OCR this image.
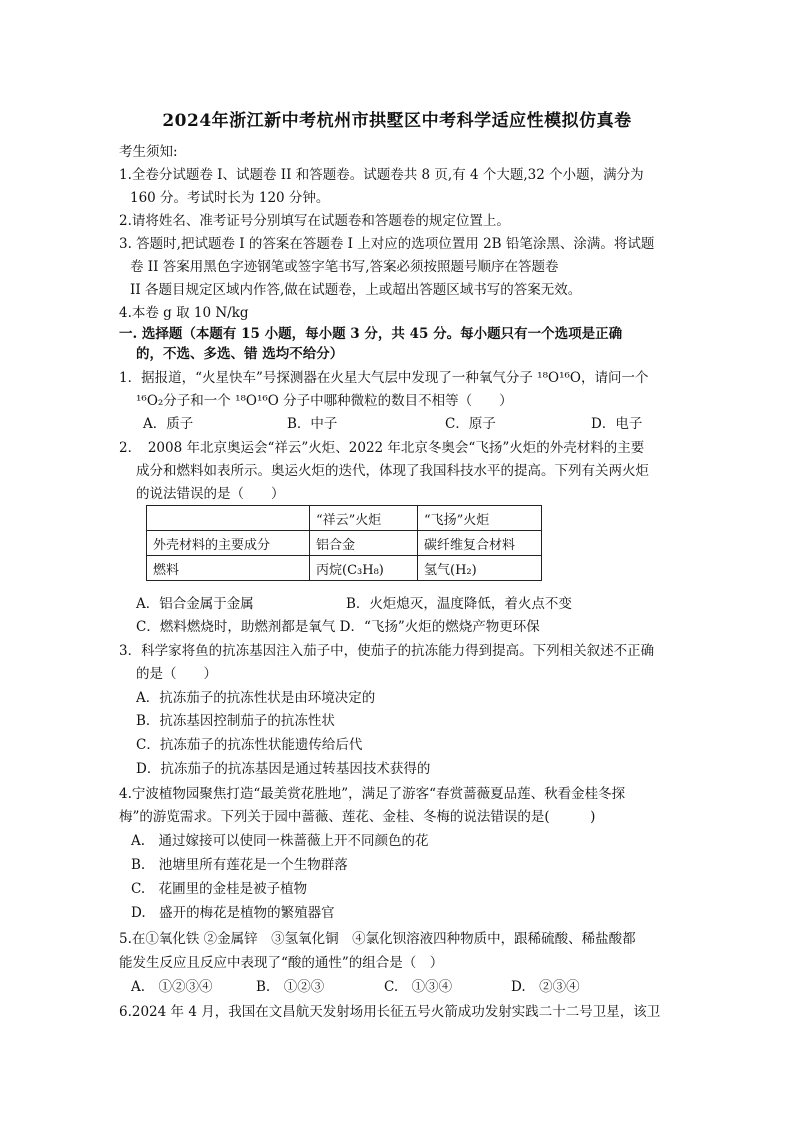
2024年浙江新中考杭州市拱墅区中考科学适应性模拟仿真卷
考生须知:
1.全卷分试题卷 I、试题卷 II 和答题卷。试题卷共 8 页,有 4 个大题,32 个小题，满分为
160 分。考试时长为 120 分钟。
2.请将姓名、准考证号分别填写在试题卷和答题卷的规定位置上。
3. 答题时,把试题卷 I 的答案在答题卷 I 上对应的选项位置用 2B 铅笔涂黑、涂满。将试题
卷 II 答案用黑色字迹钢笔或签字笔书写,答案必须按照题号顺序在答题卷
II 各题目规定区域内作答,做在试题卷，上或超出答题区域书写的答案无效。
4.本卷 g 取 10 N/kg
一. 选择题（本题有 15 小题，每小题 3 分，共 45 分。每小题只有一个选项是正确
的，不选、多选、错 选均不给分）
1．据报道，“火星快车”号探测器在火星大气层中发现了一种氧气分子 ¹⁸O¹⁶O，请问一个
¹⁶O₂分子和一个 ¹⁸O¹⁶O 分子中哪种微粒的数目不相等（　　）
A．质子	B．中子	C．原子	D．电子
2．　2008 年北京奥运会“祥云”火炬、2022 年北京冬奥会“飞扬”火炬的外壳材料的主要
成分和燃料如表所示。奥运火炬的迭代，体现了我国科技水平的提高。下列有关两火炬
的说法错误的是（　　）
	“祥云”火炬	“飞扬”火炬
外壳材料的主要成分	铝合金	碳纤维复合材料
燃料	丙烷(C₃H₈)	氢气(H₂)
A．铝合金属于金属	B．火炬熄灭，温度降低，着火点不变
C．燃料燃烧时，助燃剂都是氧气 D．“飞扬”火炬的燃烧产物更环保
3．科学家将鱼的抗冻基因注入茄子中，使茄子的抗冻能力得到提高。下列相关叙述不正确
的是（　　）
A．抗冻茄子的抗冻性状是由环境决定的
B．抗冻基因控制茄子的抗冻性状
C．抗冻茄子的抗冻性状能遗传给后代
D．抗冻茄子的抗冻基因是通过转基因技术获得的
4.宁波植物园聚焦打造“最美赏花胜地”，满足了游客“春赏蔷薇夏品莲、秋看金桂冬探
梅”的游览需求。下列关于园中蔷薇、莲花、金桂、冬梅的说法错误的是(　　　)
A.　通过嫁接可以使同一株蔷薇上开不同颜色的花
B.　池塘里所有莲花是一个生物群落
C.　花圃里的金桂是被子植物
D.　盛开的梅花是植物的繁殖器官
5.在①氧化铁 ②金属锌　③氢氧化铜　④氯化钡溶液四种物质中，跟稀硫酸、稀盐酸都
能发生反应且反应中表现了“酸的通性”的组合是（　）
A.　①②③④	B.　①②③	C.　①③④	D.　②③④
6.2024 年 4 月，我国在文昌航天发射场用长征五号火箭成功发射实践二十二号卫星，该卫
